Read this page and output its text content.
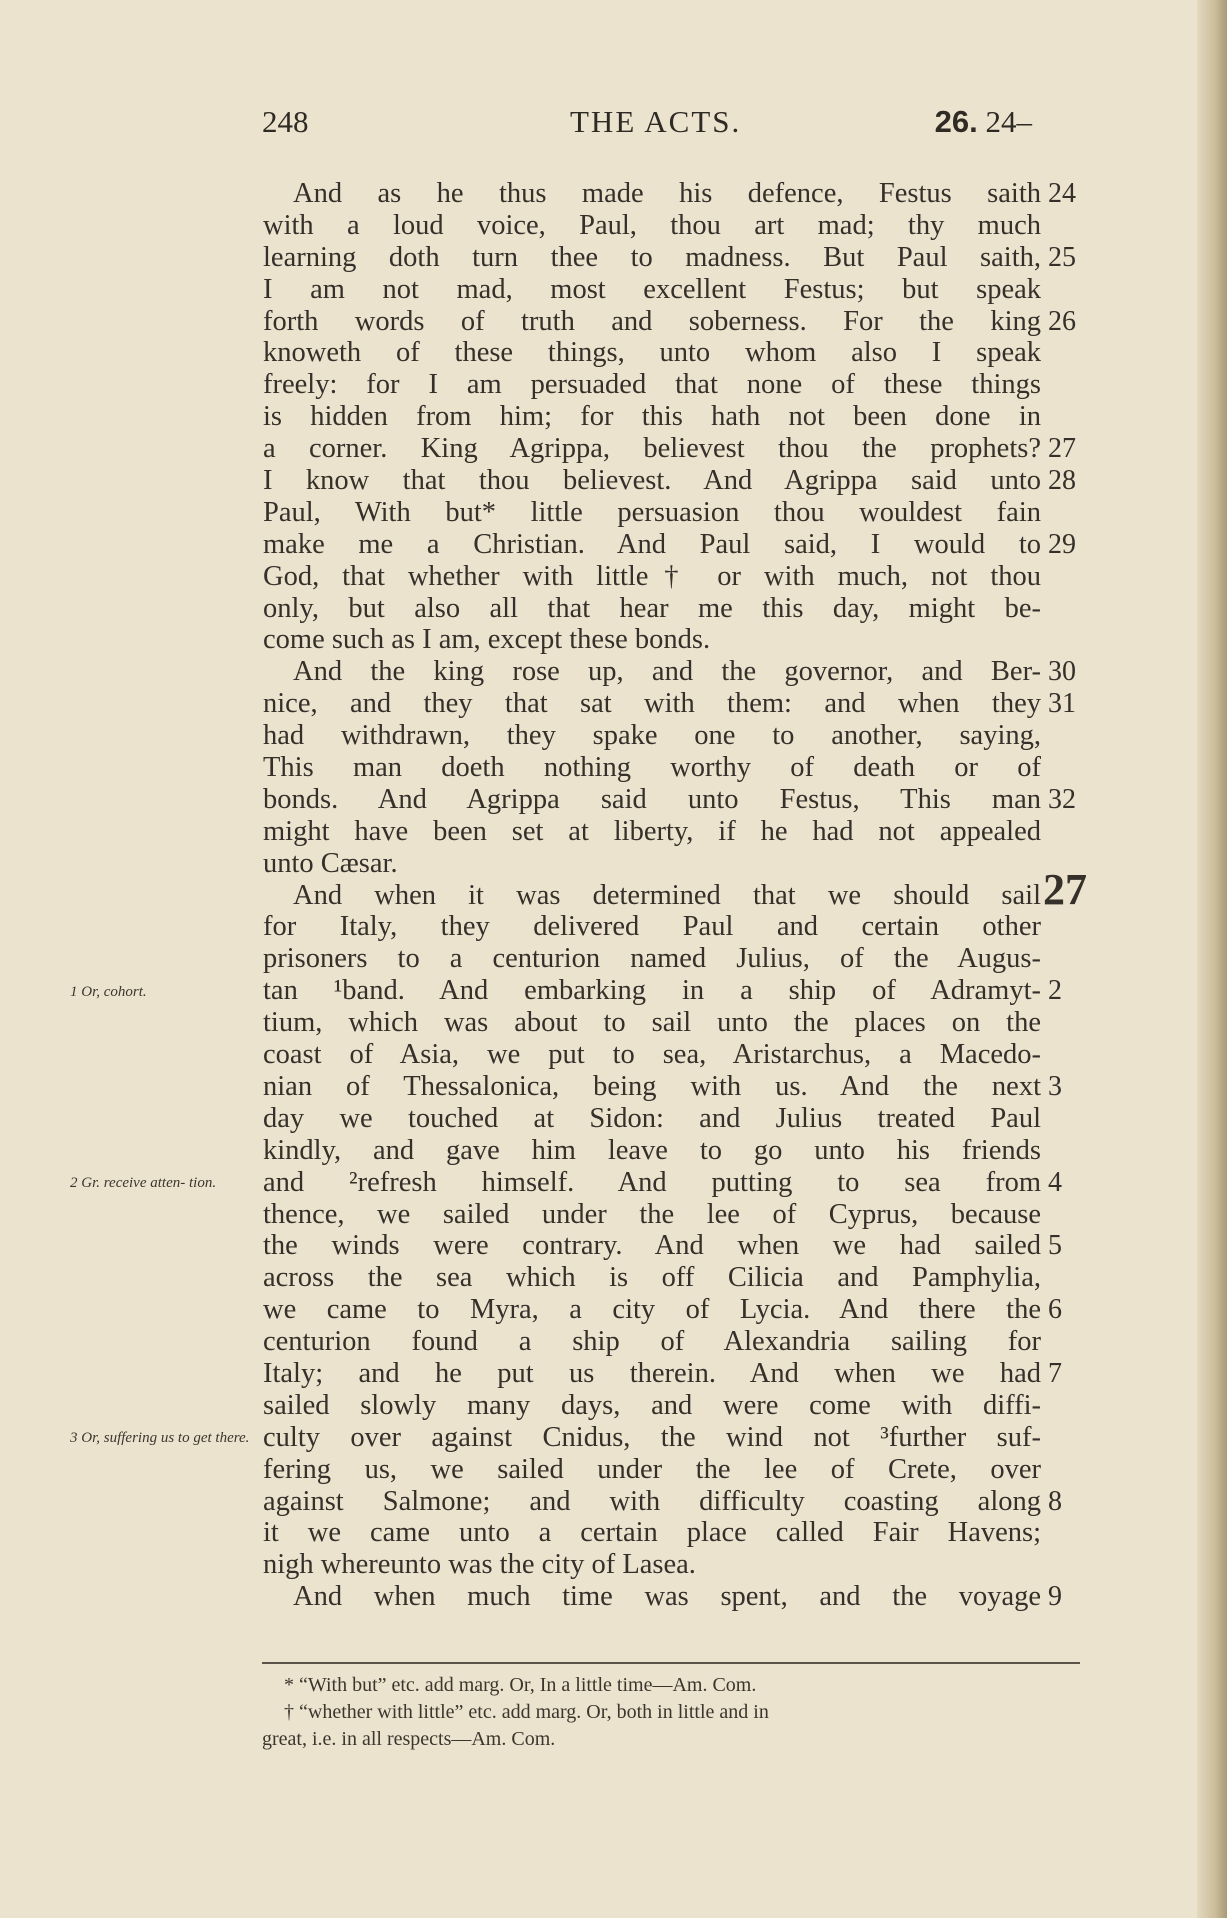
248	THE ACTS.	26. 24–
And as he thus made his defence, Festus saith 24
with a loud voice, Paul, thou art mad; thy much
learning doth turn thee to madness. But Paul saith, 25
I am not mad, most excellent Festus; but speak
forth words of truth and soberness. For the king 26
knoweth of these things, unto whom also I speak
freely: for I am persuaded that none of these things
is hidden from him; for this hath not been done in
a corner. King Agrippa, believest thou the prophets? 27
I know that thou believest. And Agrippa said unto 28
Paul, With but* little persuasion thou wouldest fain
make me a Christian. And Paul said, I would to 29
God, that whether with little† or with much, not thou
only, but also all that hear me this day, might be-
come such as I am, except these bonds.
And the king rose up, and the governor, and Ber- 30
nice, and they that sat with them: and when they 31
had withdrawn, they spake one to another, saying,
This man doeth nothing worthy of death or of
bonds. And Agrippa said unto Festus, This man 32
might have been set at liberty, if he had not appealed
unto Cæsar.
And when it was determined that we should sail 27
for Italy, they delivered Paul and certain other
prisoners to a centurion named Julius, of the Augus-
tan ¹band. And embarking in a ship of Adramyt- 2
tium, which was about to sail unto the places on the
coast of Asia, we put to sea, Aristarchus, a Macedo-
nian of Thessalonica, being with us. And the next 3
day we touched at Sidon: and Julius treated Paul
kindly, and gave him leave to go unto his friends
and ²refresh himself. And putting to sea from 4
thence, we sailed under the lee of Cyprus, because
the winds were contrary. And when we had sailed 5
across the sea which is off Cilicia and Pamphylia,
we came to Myra, a city of Lycia. And there the 6
centurion found a ship of Alexandria sailing for
Italy; and he put us therein. And when we had 7
sailed slowly many days, and were come with diffi-
culty over against Cnidus, the wind not ³further suf-
fering us, we sailed under the lee of Crete, over
against Salmone; and with difficulty coasting along 8
it we came unto a certain place called Fair Havens;
nigh whereunto was the city of Lasea.
And when much time was spent, and the voyage 9
1 Or, cohort.
2 Gr. receive atten- tion.
3 Or, suffering us to get there.
* “With but” etc. add marg. Or, In a little time—Am. Com.
† “whether with little” etc. add marg. Or, both in little and in
great, i.e. in all respects—Am. Com.
